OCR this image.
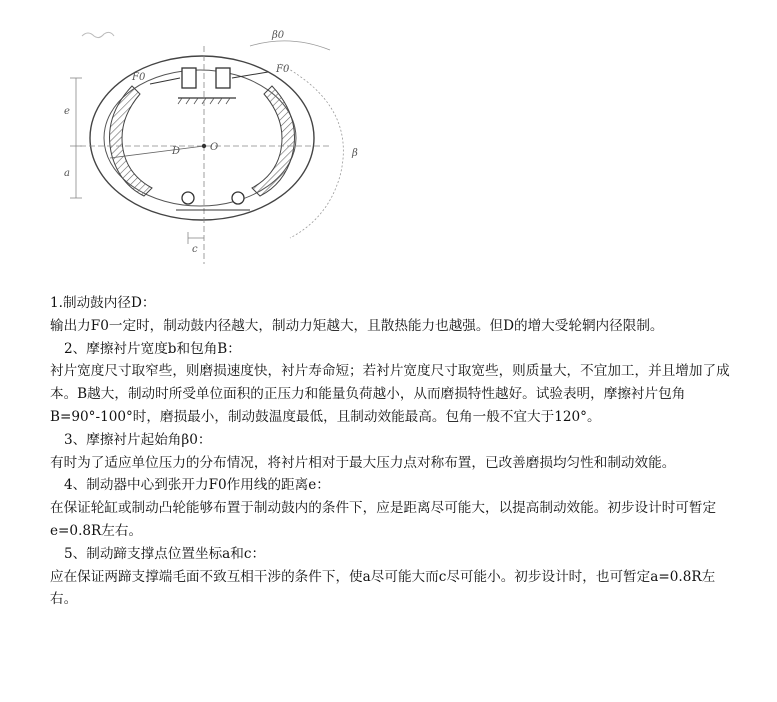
β0
β
F0
F0
D	O
e
a
c

1.制动鼓内径D：

输出力F0一定时，制动鼓内径越大，制动力矩越大，且散热能力也越强。但D的增大受轮辋内径限制。

2、摩擦衬片宽度b和包角B：

衬片宽度尺寸取窄些，则磨损速度快，衬片寿命短；若衬片宽度尺寸取宽些，则质量大，不宜加工，并且增加了成本。B越大，制动时所受单位面积的正压力和能量负荷越小，从而磨损特性越好。试验表明，摩擦衬片包角B=90°-100°时，磨损最小，制动鼓温度最低，且制动效能最高。包角一般不宜大于120°。

3、摩擦衬片起始角β0：

有时为了适应单位压力的分布情况，将衬片相对于最大压力点对称布置，已改善磨损均匀性和制动效能。

4、制动器中心到张开力F0作用线的距离e：

在保证轮缸或制动凸轮能够布置于制动鼓内的条件下，应是距离尽可能大，以提高制动效能。初步设计时可暂定e=0.8R左右。

5、制动蹄支撑点位置坐标a和c：

应在保证两蹄支撑端毛面不致互相干涉的条件下，使a尽可能大而c尽可能小。初步设计时，也可暂定a=0.8R左右。
